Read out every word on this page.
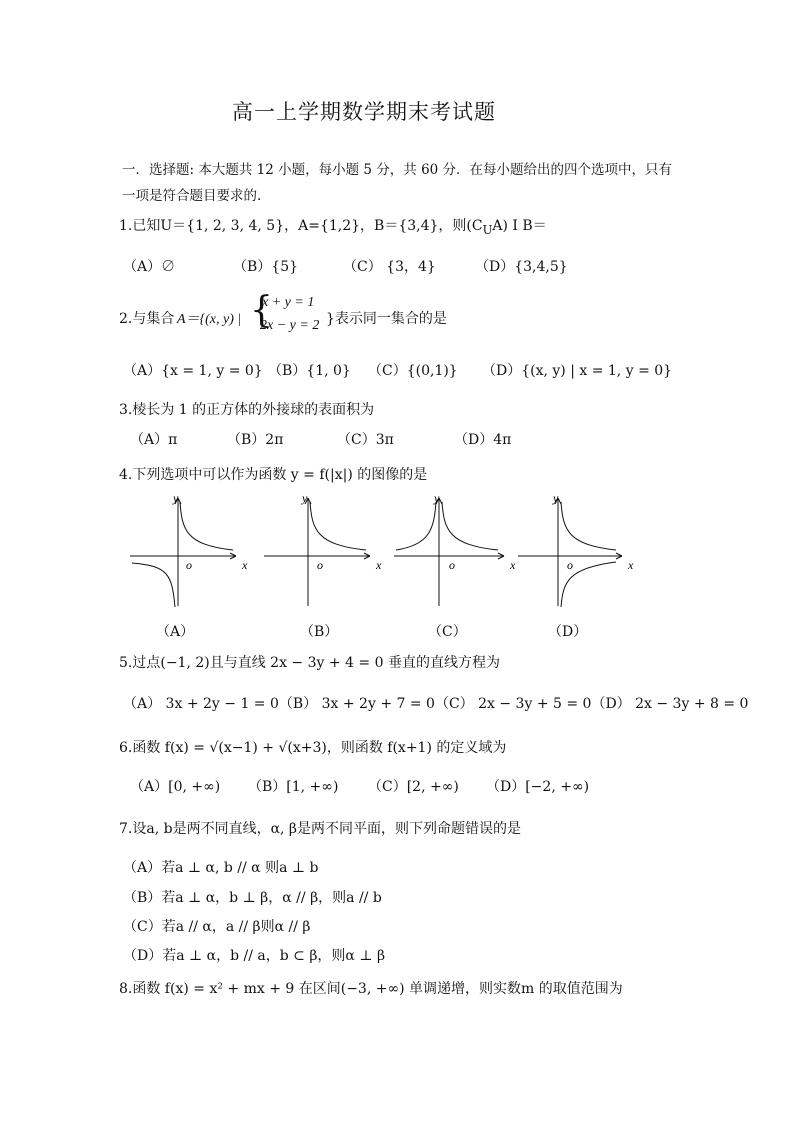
高一上学期数学期末考试题
一．选择题: 本大题共 12 小题，每小题 5 分，共 60 分．在每小题给出的四个选项中，只有
一项是符合题目要求的.
1.已知U＝{1, 2, 3, 4, 5}，A={1,2}，B＝{3,4}，则$(C_UA)$ I B＝
（A）∅	（B）{5}	（C） {3，4}	（D）{3,4,5}
2.与集合 A＝{(x, y) | {
x + y = 1
2x − y = 2 }表示同一集合的是
（A）{x = 1, y = 0} （B）{1, 0} （C）{(0,1)} （D）{(x, y) | x = 1, y = 0}
3.棱长为 1 的正方体的外接球的表面积为
（A）π	（B）2π	（C）3π	（D）4π
4.下列选项中可以作为函数 y = f(|x|) 的图像的是
y
x
o
（A）
y
x
o
（B）
y
x
o
（C）
y
x
o
（D）
5.过点(−1, 2)且与直线 2x − 3y + 4 = 0 垂直的直线方程为
（A） 3x + 2y − 1 = 0（B） 3x + 2y + 7 = 0（C） 2x − 3y + 5 = 0（D） 2x − 3y + 8 = 0
6.函数 f(x) = √(x−1) + √(x+3)，则函数 f(x+1) 的定义域为
（A）[0, +∞) （B）[1, +∞) （C）[2, +∞) （D）[−2, +∞)
7.设a, b是两不同直线，α, β是两不同平面，则下列命题错误的是
（A）若a ⊥ α, b // α 则a ⊥ b
（B）若a ⊥ α，b ⊥ β，α // β，则a // b
（C）若a // α，a // β则α // β
（D）若a ⊥ α，b // a，b ⊂ β，则α ⊥ β
8.函数 f(x) = x² + mx + 9 在区间(−3, +∞) 单调递增，则实数m 的取值范围为
